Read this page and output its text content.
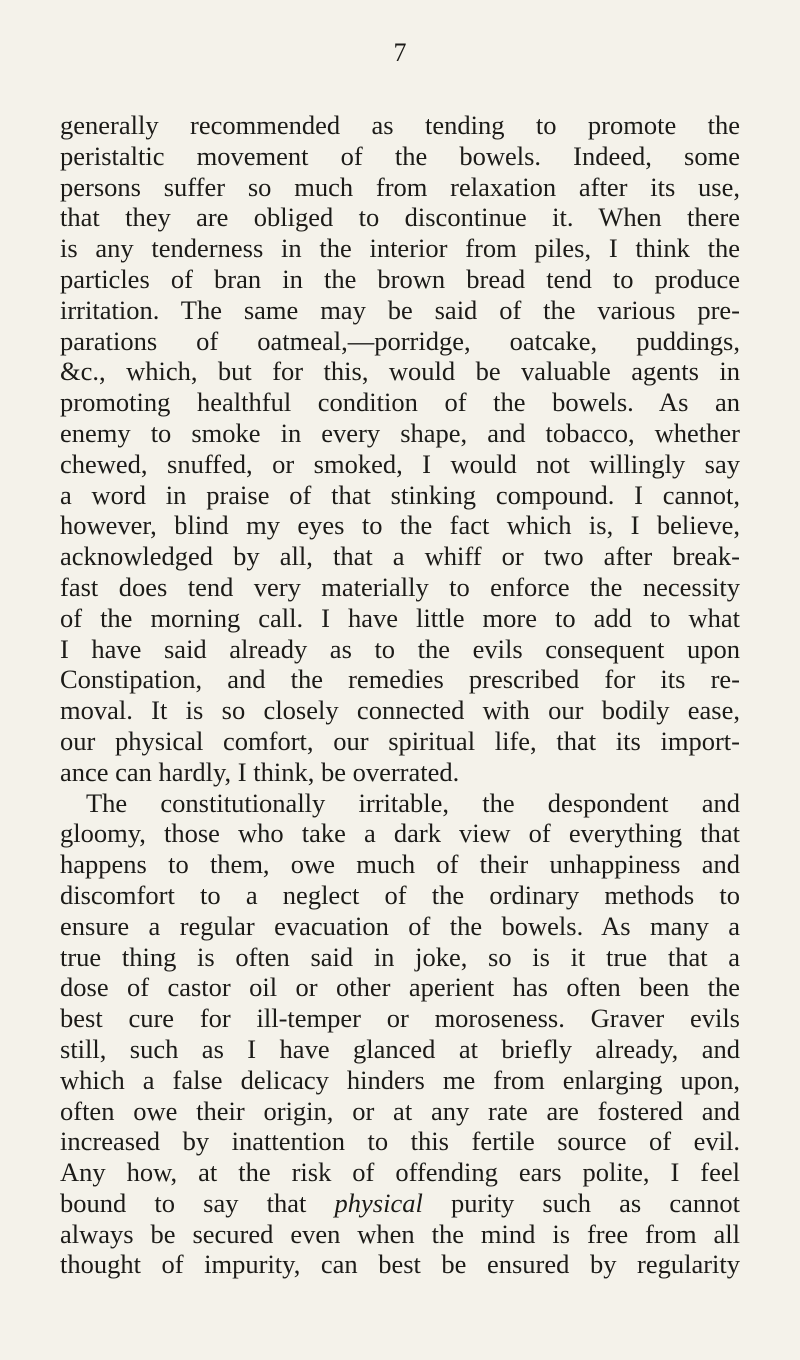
7
generally recommended as tending to promote the
peristaltic movement of the bowels. Indeed, some
persons suffer so much from relaxation after its use,
that they are obliged to discontinue it. When there
is any tenderness in the interior from piles, I think the
particles of bran in the brown bread tend to produce
irritation. The same may be said of the various pre-
parations of oatmeal,—porridge, oatcake, puddings,
&c., which, but for this, would be valuable agents in
promoting healthful condition of the bowels. As an
enemy to smoke in every shape, and tobacco, whether
chewed, snuffed, or smoked, I would not willingly say
a word in praise of that stinking compound. I cannot,
however, blind my eyes to the fact which is, I believe,
acknowledged by all, that a whiff or two after break-
fast does tend very materially to enforce the necessity
of the morning call. I have little more to add to what
I have said already as to the evils consequent upon
Constipation, and the remedies prescribed for its re-
moval. It is so closely connected with our bodily ease,
our physical comfort, our spiritual life, that its import-
ance can hardly, I think, be overrated.
The constitutionally irritable, the despondent and
gloomy, those who take a dark view of everything that
happens to them, owe much of their unhappiness and
discomfort to a neglect of the ordinary methods to
ensure a regular evacuation of the bowels. As many a
true thing is often said in joke, so is it true that a
dose of castor oil or other aperient has often been the
best cure for ill-temper or moroseness. Graver evils
still, such as I have glanced at briefly already, and
which a false delicacy hinders me from enlarging upon,
often owe their origin, or at any rate are fostered and
increased by inattention to this fertile source of evil.
Any how, at the risk of offending ears polite, I feel
bound to say that physical purity such as cannot
always be secured even when the mind is free from all
thought of impurity, can best be ensured by regularity
